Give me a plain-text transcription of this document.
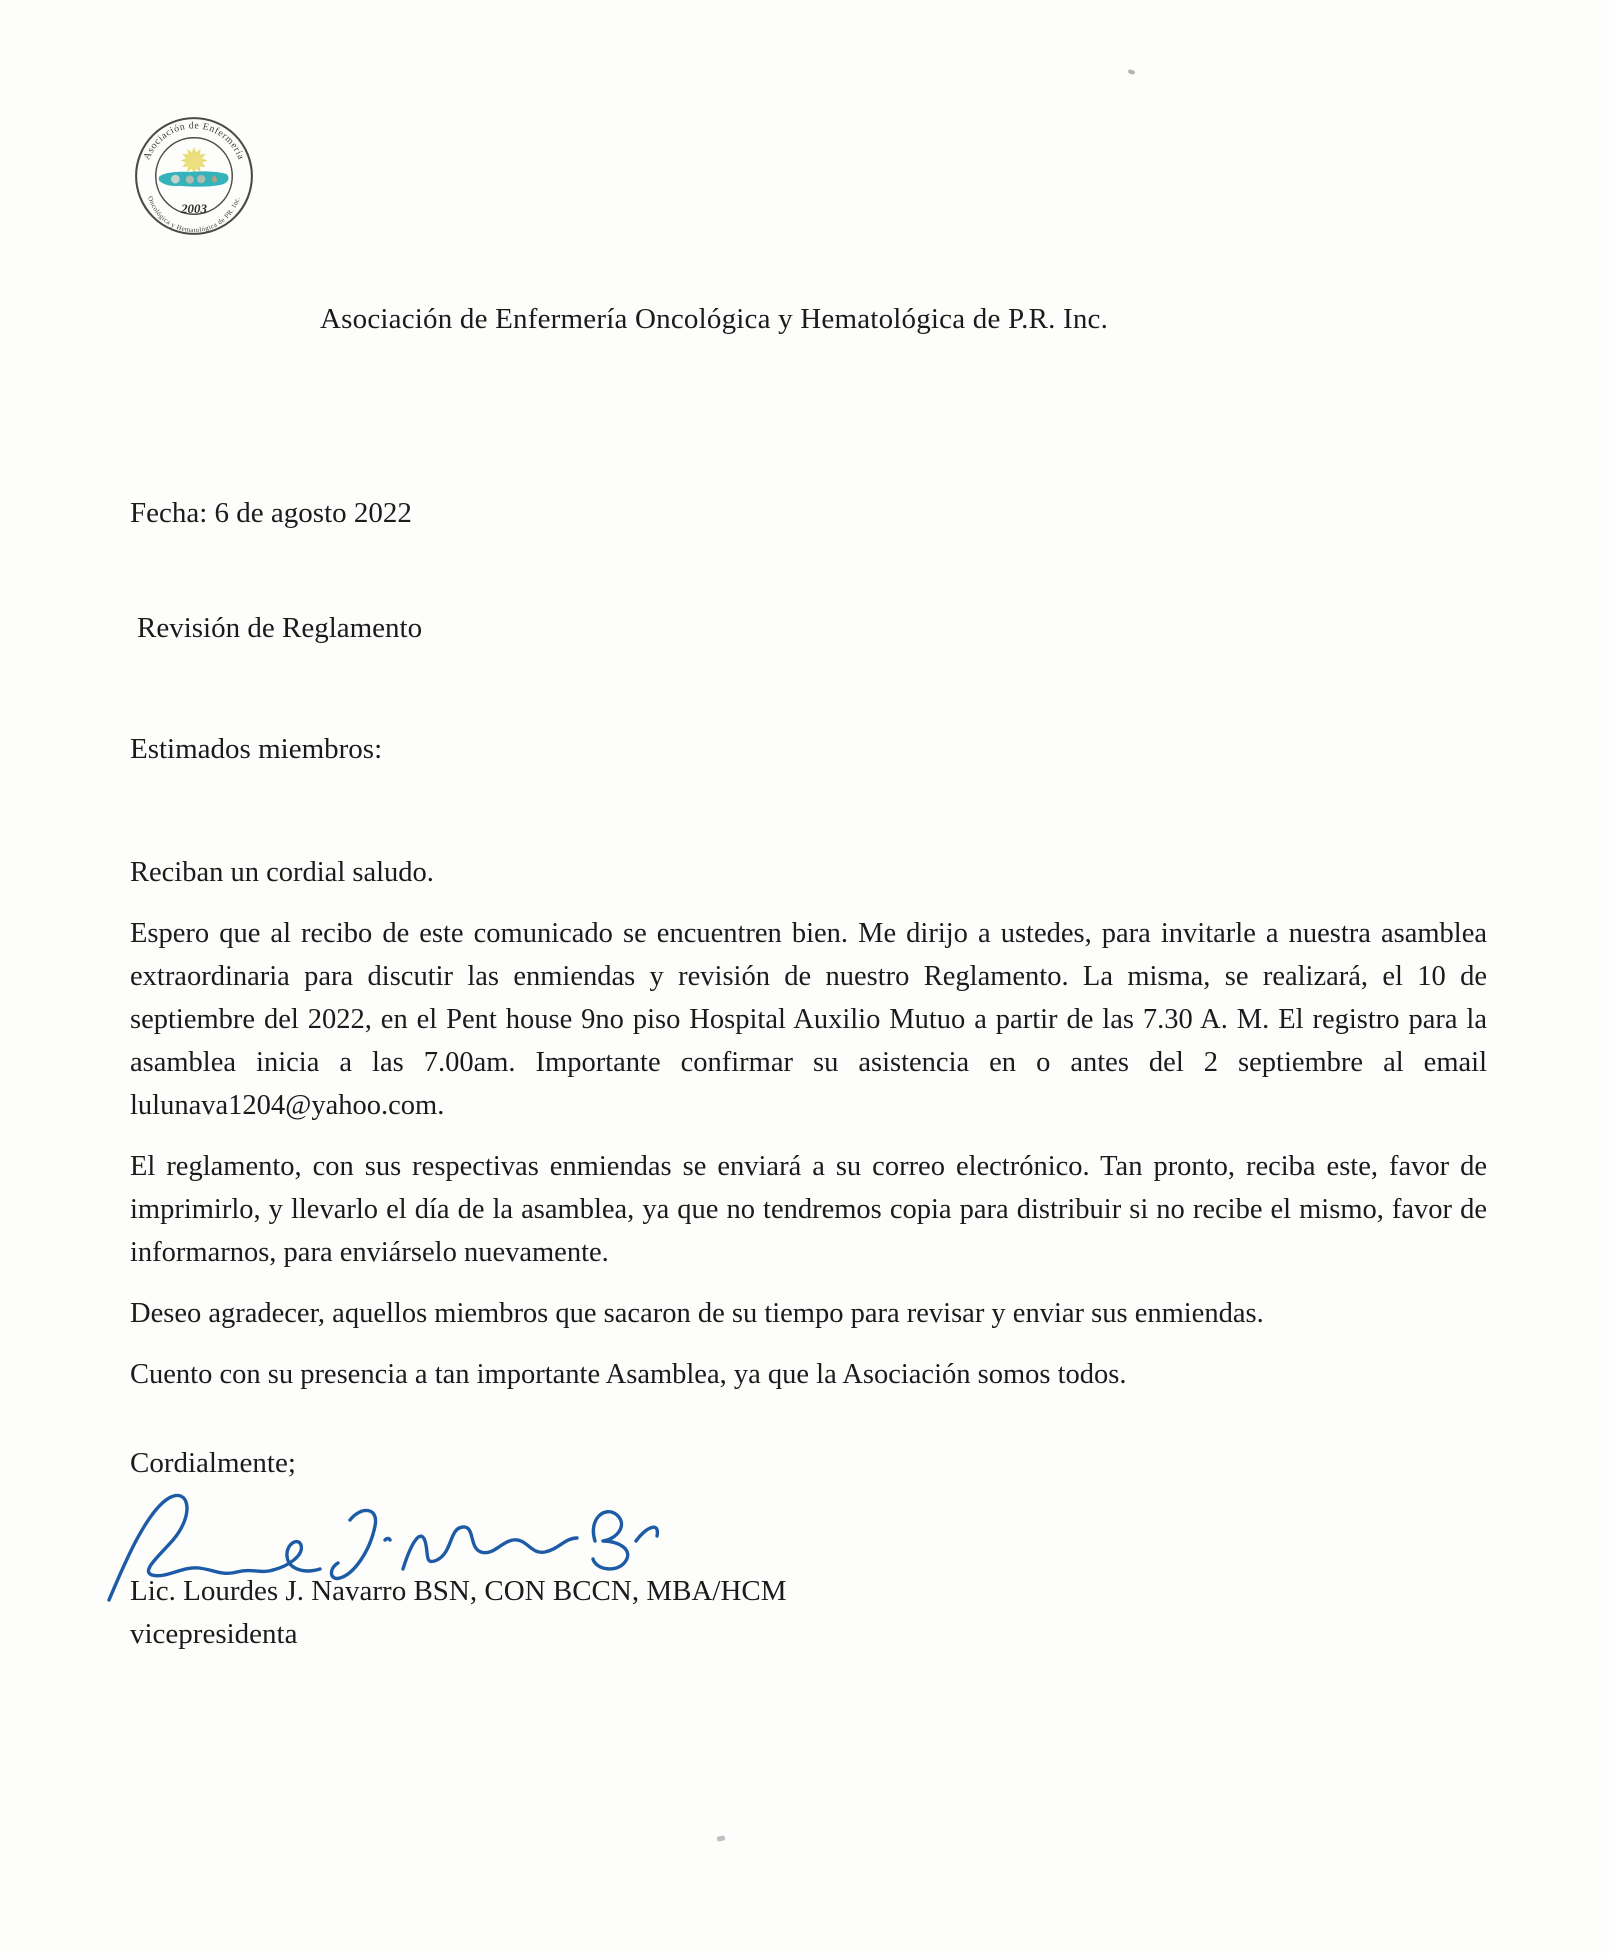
Asociación de Enfermería
Oncológica y Hematológica de PR. Inc.
2003
Asociación de Enfermería Oncológica y Hematológica de P.R. Inc.
Fecha: 6 de agosto 2022
Revisión de Reglamento
Estimados miembros:

Reciban un cordial saludo.

Espero que al recibo de este comunicado se encuentren bien. Me dirijo a ustedes, para invitarle a nuestra asamblea extraordinaria para discutir las enmiendas y revisión de nuestro Reglamento. La misma, se realizará, el 10 de septiembre del 2022, en el Pent house 9no piso Hospital Auxilio Mutuo a partir de las 7.30 A. M. El registro para la asamblea inicia a las 7.00am. Importante confirmar su asistencia en o antes del 2 septiembre al email lulunava1204@yahoo.com.

El reglamento, con sus respectivas enmiendas se enviará a su correo electrónico. Tan pronto, reciba este, favor de imprimirlo, y llevarlo el día de la asamblea, ya que no tendremos copia para distribuir si no recibe el mismo, favor de informarnos, para enviárselo nuevamente.

Deseo agradecer, aquellos miembros que sacaron de su tiempo para revisar y enviar sus enmiendas.

Cuento con su presencia a tan importante Asamblea, ya que la Asociación somos todos.

Cordialmente;
Lic. Lourdes J. Navarro BSN, CON BCCN, MBA/HCM
vicepresidenta
